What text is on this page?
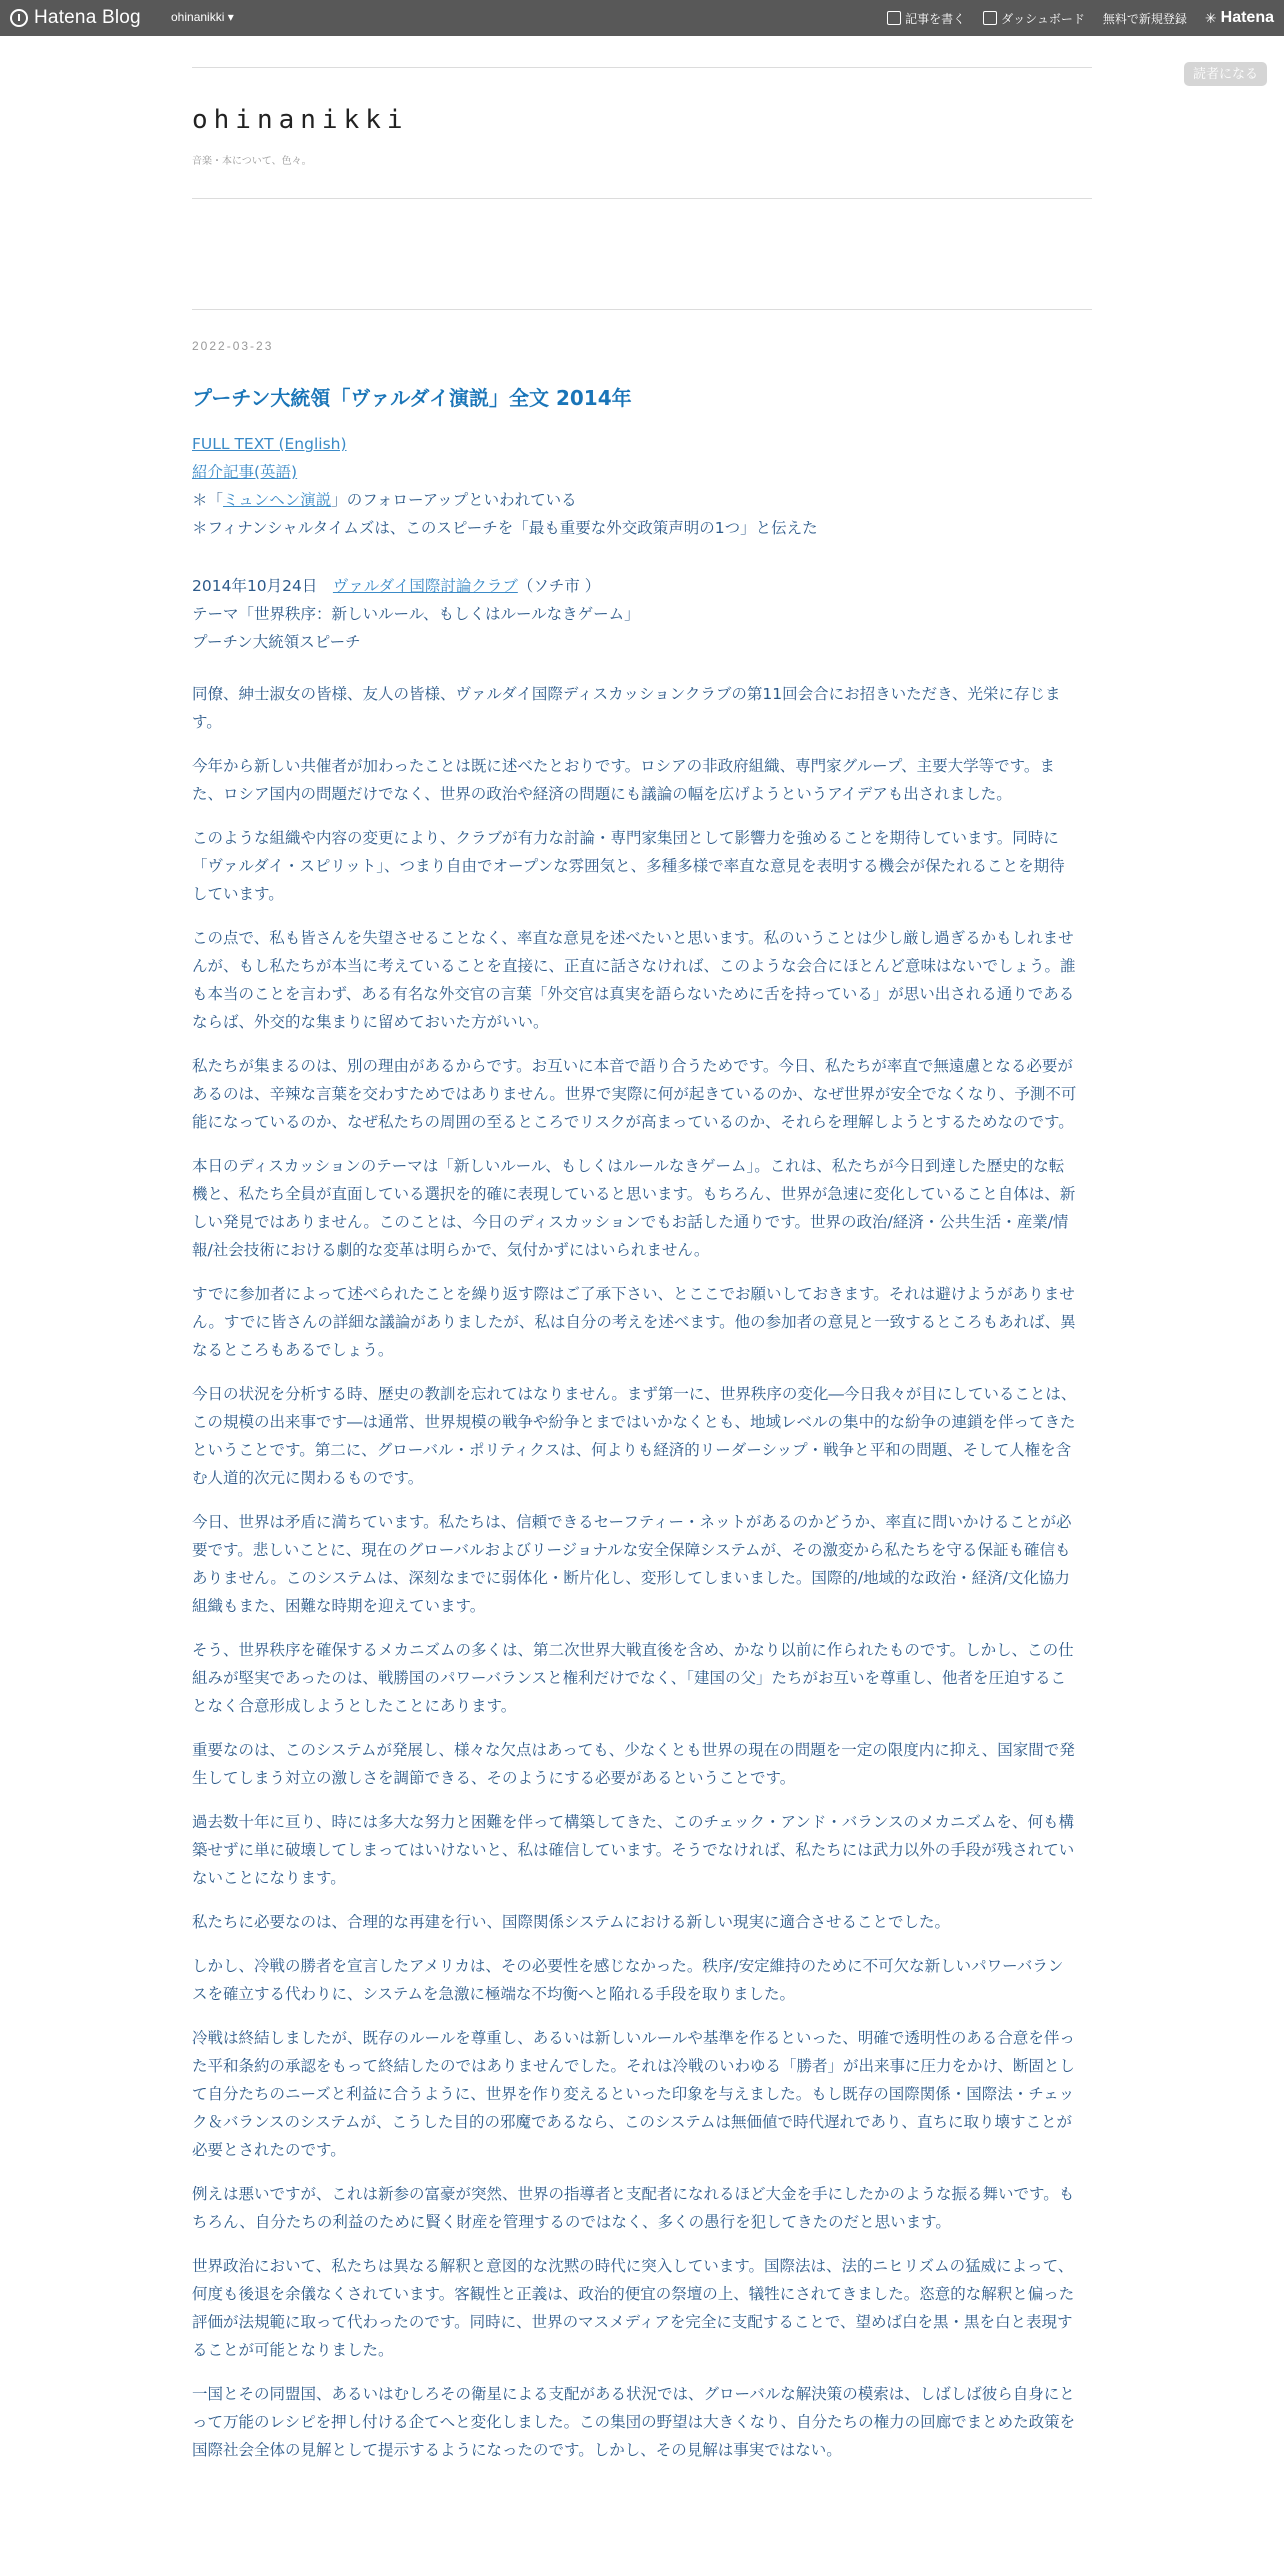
Hatena Blog	ohinanikki ▾	記事を書く	ダッシュボード 無料で新規登録 ✳ Hatena
読者になる
ohinanikki
音楽・本について、色々。
2022-03-23
プーチン大統領「ヴァルダイ演説」全文 2014年

FULL TEXT (English)

紹介記事(英語)

＊「ミュンヘン演説」のフォローアップといわれている

＊フィナンシャルタイムズは、このスピーチを「最も重要な外交政策声明の1つ」と伝えた

2014年10月24日　ヴァルダイ国際討論クラブ（ソチ市 ）

テーマ「世界秩序：新しいルール、もしくはルールなきゲーム」

プーチン大統領スピーチ

同僚、紳士淑女の皆様、友人の皆様、ヴァルダイ国際ディスカッションクラブの第11回会合にお招きいただき、光栄に存じます。

今年から新しい共催者が加わったことは既に述べたとおりです。ロシアの非政府組織、専門家グループ、主要大学等です。また、ロシア国内の問題だけでなく、世界の政治や経済の問題にも議論の幅を広げようというアイデアも出されました。

このような組織や内容の変更により、クラブが有力な討論・専門家集団として影響力を強めることを期待しています。同時に「ヴァルダイ・スピリット」、つまり自由でオープンな雰囲気と、多種多様で率直な意見を表明する機会が保たれることを期待しています。

この点で、私も皆さんを失望させることなく、率直な意見を述べたいと思います。私のいうことは少し厳し過ぎるかもしれませんが、もし私たちが本当に考えていることを直接に、正直に話さなければ、このような会合にほとんど意味はないでしょう。誰も本当のことを言わず、ある有名な外交官の言葉「外交官は真実を語らないために舌を持っている」が思い出される通りであるならば、外交的な集まりに留めておいた方がいい。

私たちが集まるのは、別の理由があるからです。お互いに本音で語り合うためです。今日、私たちが率直で無遠慮となる必要があるのは、辛辣な言葉を交わすためではありません。世界で実際に何が起きているのか、なぜ世界が安全でなくなり、予測不可能になっているのか、なぜ私たちの周囲の至るところでリスクが高まっているのか、それらを理解しようとするためなのです。

本日のディスカッションのテーマは「新しいルール、もしくはルールなきゲーム」。これは、私たちが今日到達した歴史的な転機と、私たち全員が直面している選択を的確に表現していると思います。もちろん、世界が急速に変化していること自体は、新しい発見ではありません。このことは、今日のディスカッションでもお話した通りです。世界の政治/経済・公共生活・産業/情報/社会技術における劇的な変革は明らかで、気付かずにはいられません。

すでに参加者によって述べられたことを繰り返す際はご了承下さい、とここでお願いしておきます。それは避けようがありません。すでに皆さんの詳細な議論がありましたが、私は自分の考えを述べます。他の参加者の意見と一致するところもあれば、異なるところもあるでしょう。

今日の状況を分析する時、歴史の教訓を忘れてはなりません。まず第一に、世界秩序の変化―今日我々が目にしていることは、この規模の出来事です―は通常、世界規模の戦争や紛争とまではいかなくとも、地域レベルの集中的な紛争の連鎖を伴ってきたということです。第二に、グローバル・ポリティクスは、何よりも経済的リーダーシップ・戦争と平和の問題、そして人権を含む人道的次元に関わるものです。

今日、世界は矛盾に満ちています。私たちは、信頼できるセーフティー・ネットがあるのかどうか、率直に問いかけることが必要です。悲しいことに、現在のグローバルおよびリージョナルな安全保障システムが、その激変から私たちを守る保証も確信もありません。このシステムは、深刻なまでに弱体化・断片化し、変形してしまいました。国際的/地域的な政治・経済/文化協力組織もまた、困難な時期を迎えています。

そう、世界秩序を確保するメカニズムの多くは、第二次世界大戦直後を含め、かなり以前に作られたものです。しかし、この仕組みが堅実であったのは、戦勝国のパワーバランスと権利だけでなく、「建国の父」たちがお互いを尊重し、他者を圧迫することなく合意形成しようとしたことにあります。

重要なのは、このシステムが発展し、様々な欠点はあっても、少なくとも世界の現在の問題を一定の限度内に抑え、国家間で発生してしまう対立の激しさを調節できる、そのようにする必要があるということです。

過去数十年に亘り、時には多大な努力と困難を伴って構築してきた、このチェック・アンド・バランスのメカニズムを、何も構築せずに単に破壊してしまってはいけないと、私は確信しています。そうでなければ、私たちには武力以外の手段が残されていないことになります。

私たちに必要なのは、合理的な再建を行い、国際関係システムにおける新しい現実に適合させることでした。

しかし、冷戦の勝者を宣言したアメリカは、その必要性を感じなかった。秩序/安定維持のために不可欠な新しいパワーバランスを確立する代わりに、システムを急激に極端な不均衡へと陥れる手段を取りました。

冷戦は終結しましたが、既存のルールを尊重し、あるいは新しいルールや基準を作るといった、明確で透明性のある合意を伴った平和条約の承認をもって終結したのではありませんでした。それは冷戦のいわゆる「勝者」が出来事に圧力をかけ、断固として自分たちのニーズと利益に合うように、世界を作り変えるといった印象を与えました。もし既存の国際関係・国際法・チェック＆バランスのシステムが、こうした目的の邪魔であるなら、このシステムは無価値で時代遅れであり、直ちに取り壊すことが必要とされたのです。

例えは悪いですが、これは新参の富豪が突然、世界の指導者と支配者になれるほど大金を手にしたかのような振る舞いです。もちろん、自分たちの利益のために賢く財産を管理するのではなく、多くの愚行を犯してきたのだと思います。

世界政治において、私たちは異なる解釈と意図的な沈黙の時代に突入しています。国際法は、法的ニヒリズムの猛威によって、何度も後退を余儀なくされています。客観性と正義は、政治的便宜の祭壇の上、犠牲にされてきました。恣意的な解釈と偏った評価が法規範に取って代わったのです。同時に、世界のマスメディアを完全に支配することで、望めば白を黒・黒を白と表現することが可能となりました。

一国とその同盟国、あるいはむしろその衛星による支配がある状況では、グローバルな解決策の模索は、しばしば彼ら自身にとって万能のレシピを押し付ける企てへと変化しました。この集団の野望は大きくなり、自分たちの権力の回廊でまとめた政策を国際社会全体の見解として提示するようになったのです。しかし、その見解は事実ではない。
